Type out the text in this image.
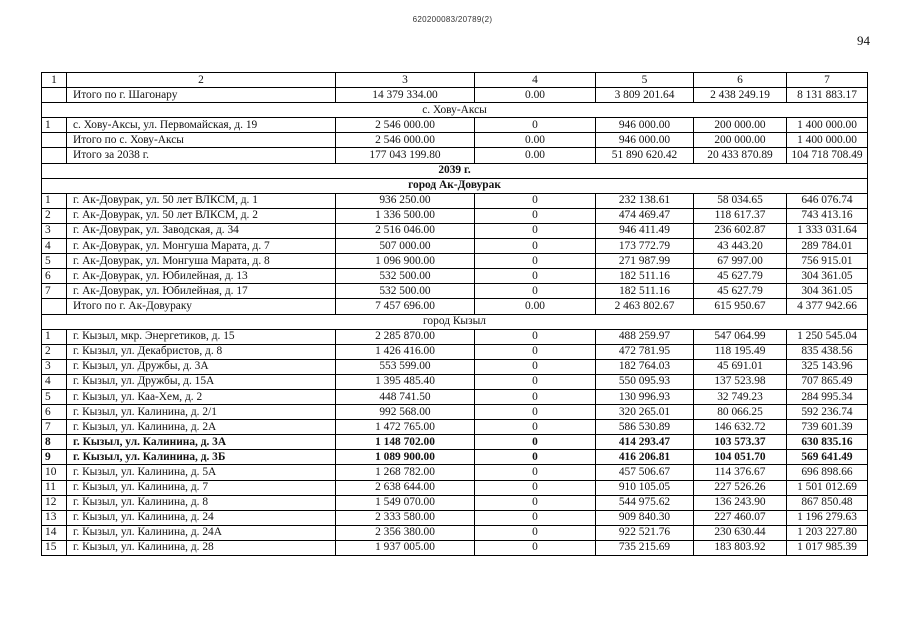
620200083/20789(2)
94
1	2	3	4	5	6	7
	Итого по г. Шагонару	14 379 334.00	0.00	3 809 201.64	2 438 249.19	8 131 883.17
с. Хову-Аксы						
1	с. Хову-Аксы, ул. Первомайская, д. 19	2 546 000.00	0	946 000.00	200 000.00	1 400 000.00
	Итого по с. Хову-Аксы	2 546 000.00	0.00	946 000.00	200 000.00	1 400 000.00
	Итого за 2038 г.	177 043 199.80	0.00	51 890 620.42	20 433 870.89	104 718 708.49
2039 г.						
город Ак-Довурак						
1	г. Ак-Довурак, ул. 50 лет ВЛКСМ, д. 1	936 250.00	0	232 138.61	58 034.65	646 076.74
2	г. Ак-Довурак, ул. 50 лет ВЛКСМ, д. 2	1 336 500.00	0	474 469.47	118 617.37	743 413.16
3	г. Ак-Довурак, ул. Заводская, д. 34	2 516 046.00	0	946 411.49	236 602.87	1 333 031.64
4	г. Ак-Довурак, ул. Монгуша Марата, д. 7	507 000.00	0	173 772.79	43 443.20	289 784.01
5	г. Ак-Довурак, ул. Монгуша Марата, д. 8	1 096 900.00	0	271 987.99	67 997.00	756 915.01
6	г. Ак-Довурак, ул. Юбилейная, д. 13	532 500.00	0	182 511.16	45 627.79	304 361.05
7	г. Ак-Довурак, ул. Юбилейная, д. 17	532 500.00	0	182 511.16	45 627.79	304 361.05
	Итого по г. Ак-Довураку	7 457 696.00	0.00	2 463 802.67	615 950.67	4 377 942.66
город Кызыл						
1	г. Кызыл, мкр. Энергетиков, д. 15	2 285 870.00	0	488 259.97	547 064.99	1 250 545.04
2	г. Кызыл, ул. Декабристов, д. 8	1 426 416.00	0	472 781.95	118 195.49	835 438.56
3	г. Кызыл, ул. Дружбы, д. 3А	553 599.00	0	182 764.03	45 691.01	325 143.96
4	г. Кызыл, ул. Дружбы, д. 15А	1 395 485.40	0	550 095.93	137 523.98	707 865.49
5	г. Кызыл, ул. Каа-Хем, д. 2	448 741.50	0	130 996.93	32 749.23	284 995.34
6	г. Кызыл, ул. Калинина, д. 2/1	992 568.00	0	320 265.01	80 066.25	592 236.74
7	г. Кызыл, ул. Калинина, д. 2А	1 472 765.00	0	586 530.89	146 632.72	739 601.39
8	г. Кызыл, ул. Калинина, д. 3А	1 148 702.00	0	414 293.47	103 573.37	630 835.16
9	г. Кызыл, ул. Калинина, д. 3Б	1 089 900.00	0	416 206.81	104 051.70	569 641.49
10	г. Кызыл, ул. Калинина, д. 5А	1 268 782.00	0	457 506.67	114 376.67	696 898.66
11	г. Кызыл, ул. Калинина, д. 7	2 638 644.00	0	910 105.05	227 526.26	1 501 012.69
12	г. Кызыл, ул. Калинина, д. 8	1 549 070.00	0	544 975.62	136 243.90	867 850.48
13	г. Кызыл, ул. Калинина, д. 24	2 333 580.00	0	909 840.30	227 460.07	1 196 279.63
14	г. Кызыл, ул. Калинина, д. 24А	2 356 380.00	0	922 521.76	230 630.44	1 203 227.80
15	г. Кызыл, ул. Калинина, д. 28	1 937 005.00	0	735 215.69	183 803.92	1 017 985.39
